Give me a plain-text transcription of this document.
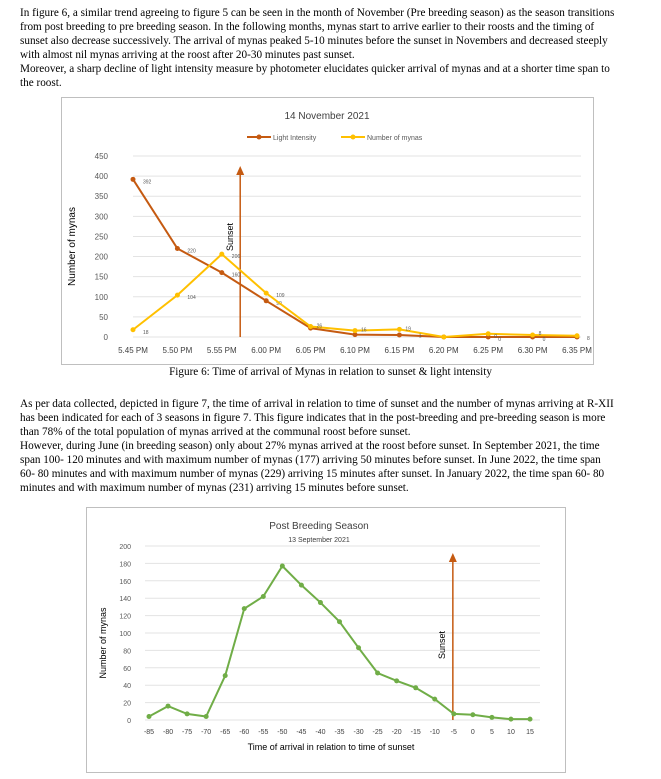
In figure 6, a similar trend agreeing to figure 5 can be seen in the month of November (Pre breeding season) as the season transitions
from post breeding to pre breeding season. In the following months, mynas start to arrive earlier to their roosts and the timing of
sunset also decrease successively. The arrival of mynas peaked 5-10 minutes before the sunset in Novembers and decreased steeply
with almost nil mynas arriving at the roost after 20-30 minutes past sunset.
Moreover, a sharp decline of light intensity measure by photometer elucidates quicker arrival of mynas and at a shorter time span to
the roost.
14 November 2021
Light Intensity	Number of mynas
0
50
100
150
200
250
300
350
400
450
5.45 PM 5.50 PM 5.55 PM 6.00 PM 6.05 PM 6.10 PM 6.15 PM 6.20 PM 6.25 PM 6.30 PM 6.35 PM
Number of mynas	Sunset
392
220
160
90
0	0
18
104
206
109
8
26
16	19
1	0
8
Figure 6: Time of arrival of Mynas in relation to sunset & light intensity
As per data collected, depicted in figure 7, the time of arrival in relation to time of sunset and the number of mynas arriving at R-XII
has been indicated for each of 3 seasons in figure 7. This figure indicates that in the post-breeding and pre-breeding season is more
than 78% of the total population of mynas arrived at the communal roost before sunset.
However, during June (in breeding season) only about 27% mynas arrived at the roost before sunset. In September 2021, the time
span 100- 120 minutes and with maximum number of mynas (177) arriving 50 minutes before sunset. In June 2022, the time span
60- 80 minutes and with maximum number of mynas (229) arriving 15 minutes after sunset. In January 2022, the time span 60- 80
minutes and with maximum number of mynas (231) arriving 15 minutes before sunset.
Post Breeding Season
13 September 2021
0
20
40
60
80
100
120
140
160
180
200
-85 -80 -75 -70 -65 -60 -55 -50 -45 -40 -35 -30 -25 -20 -15 -10 -5 0 5 10 15
Time of arrival in relation to time of sunset
Number of mynas	Sunset
